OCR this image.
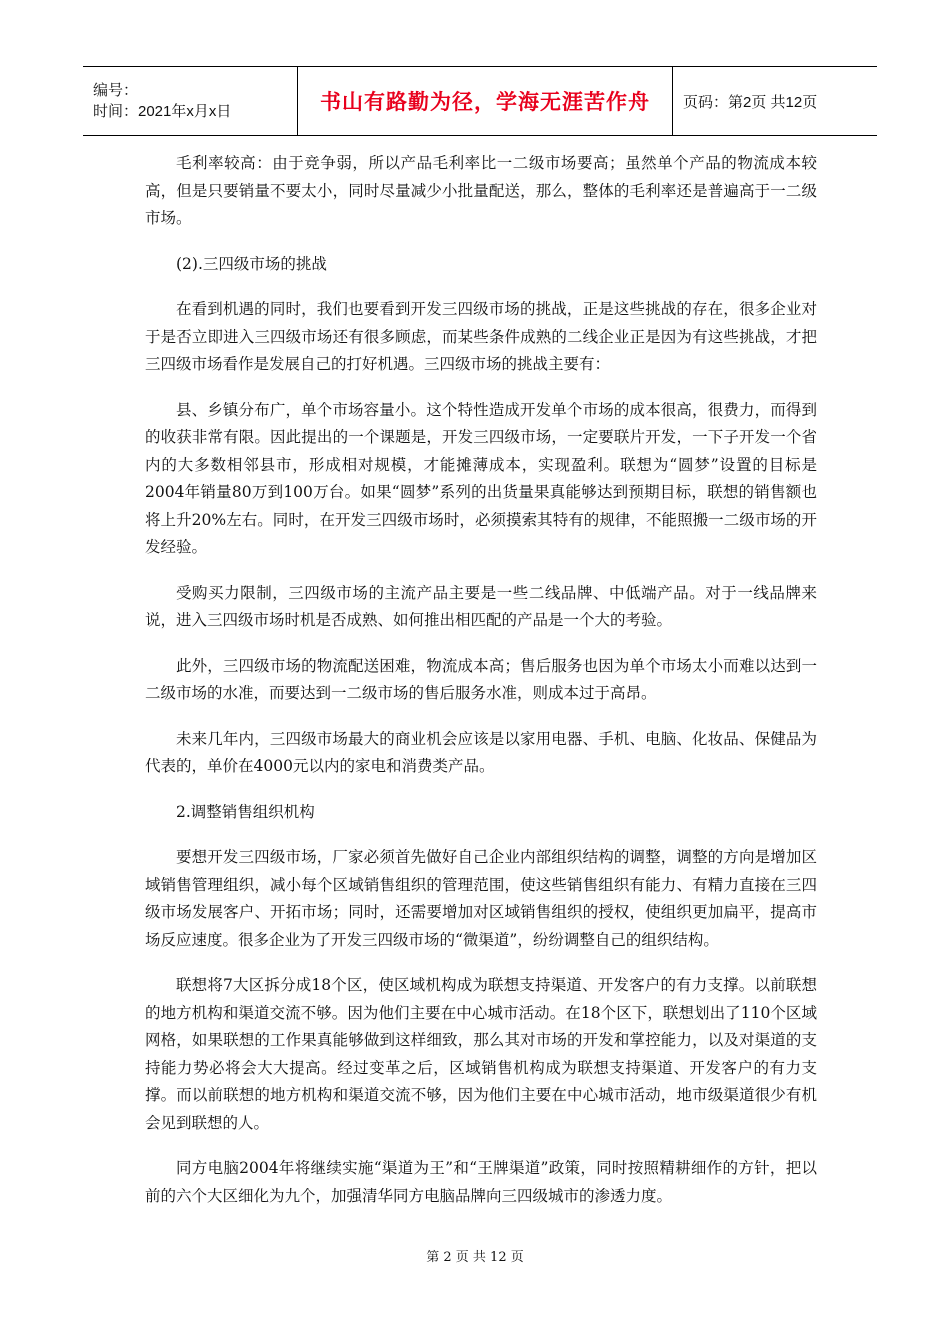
编号：
时间：2021年x月x日	书山有路勤为径，学海无涯苦作舟	页码：第2页 共12页

毛利率较高：由于竞争弱，所以产品毛利率比一二级市场要高；虽然单个产品的物流成本较高，但是只要销量不要太小，同时尽量减少小批量配送，那么，整体的毛利率还是普遍高于一二级市场。

(2).三四级市场的挑战

在看到机遇的同时，我们也要看到开发三四级市场的挑战，正是这些挑战的存在，很多企业对于是否立即进入三四级市场还有很多顾虑，而某些条件成熟的二线企业正是因为有这些挑战，才把三四级市场看作是发展自己的打好机遇。三四级市场的挑战主要有：

县、乡镇分布广，单个市场容量小。这个特性造成开发单个市场的成本很高，很费力，而得到的收获非常有限。因此提出的一个课题是，开发三四级市场，一定要联片开发，一下子开发一个省内的大多数相邻县市，形成相对规模，才能摊薄成本，实现盈利。联想为“圆梦”设置的目标是2004年销量80万到100万台。如果“圆梦”系列的出货量果真能够达到预期目标，联想的销售额也将上升20%左右。同时，在开发三四级市场时，必须摸索其特有的规律，不能照搬一二级市场的开发经验。

受购买力限制，三四级市场的主流产品主要是一些二线品牌、中低端产品。对于一线品牌来说，进入三四级市场时机是否成熟、如何推出相匹配的产品是一个大的考验。

此外，三四级市场的物流配送困难，物流成本高；售后服务也因为单个市场太小而难以达到一二级市场的水准，而要达到一二级市场的售后服务水准，则成本过于高昂。

未来几年内，三四级市场最大的商业机会应该是以家用电器、手机、电脑、化妆品、保健品为代表的，单价在4000元以内的家电和消费类产品。

2.调整销售组织机构

要想开发三四级市场，厂家必须首先做好自己企业内部组织结构的调整，调整的方向是增加区域销售管理组织，减小每个区域销售组织的管理范围，使这些销售组织有能力、有精力直接在三四级市场发展客户、开拓市场；同时，还需要增加对区域销售组织的授权，使组织更加扁平，提高市场反应速度。很多企业为了开发三四级市场的“微渠道”，纷纷调整自己的组织结构。

联想将7大区拆分成18个区，使区域机构成为联想支持渠道、开发客户的有力支撑。以前联想的地方机构和渠道交流不够。因为他们主要在中心城市活动。在18个区下，联想划出了110个区域网格，如果联想的工作果真能够做到这样细致，那么其对市场的开发和掌控能力，以及对渠道的支持能力势必将会大大提高。经过变革之后，区域销售机构成为联想支持渠道、开发客户的有力支撑。而以前联想的地方机构和渠道交流不够，因为他们主要在中心城市活动，地市级渠道很少有机会见到联想的人。

同方电脑2004年将继续实施“渠道为王”和“王牌渠道”政策，同时按照精耕细作的方针，把以前的六个大区细化为九个，加强清华同方电脑品牌向三四级城市的渗透力度。

第 2 页 共 12 页
